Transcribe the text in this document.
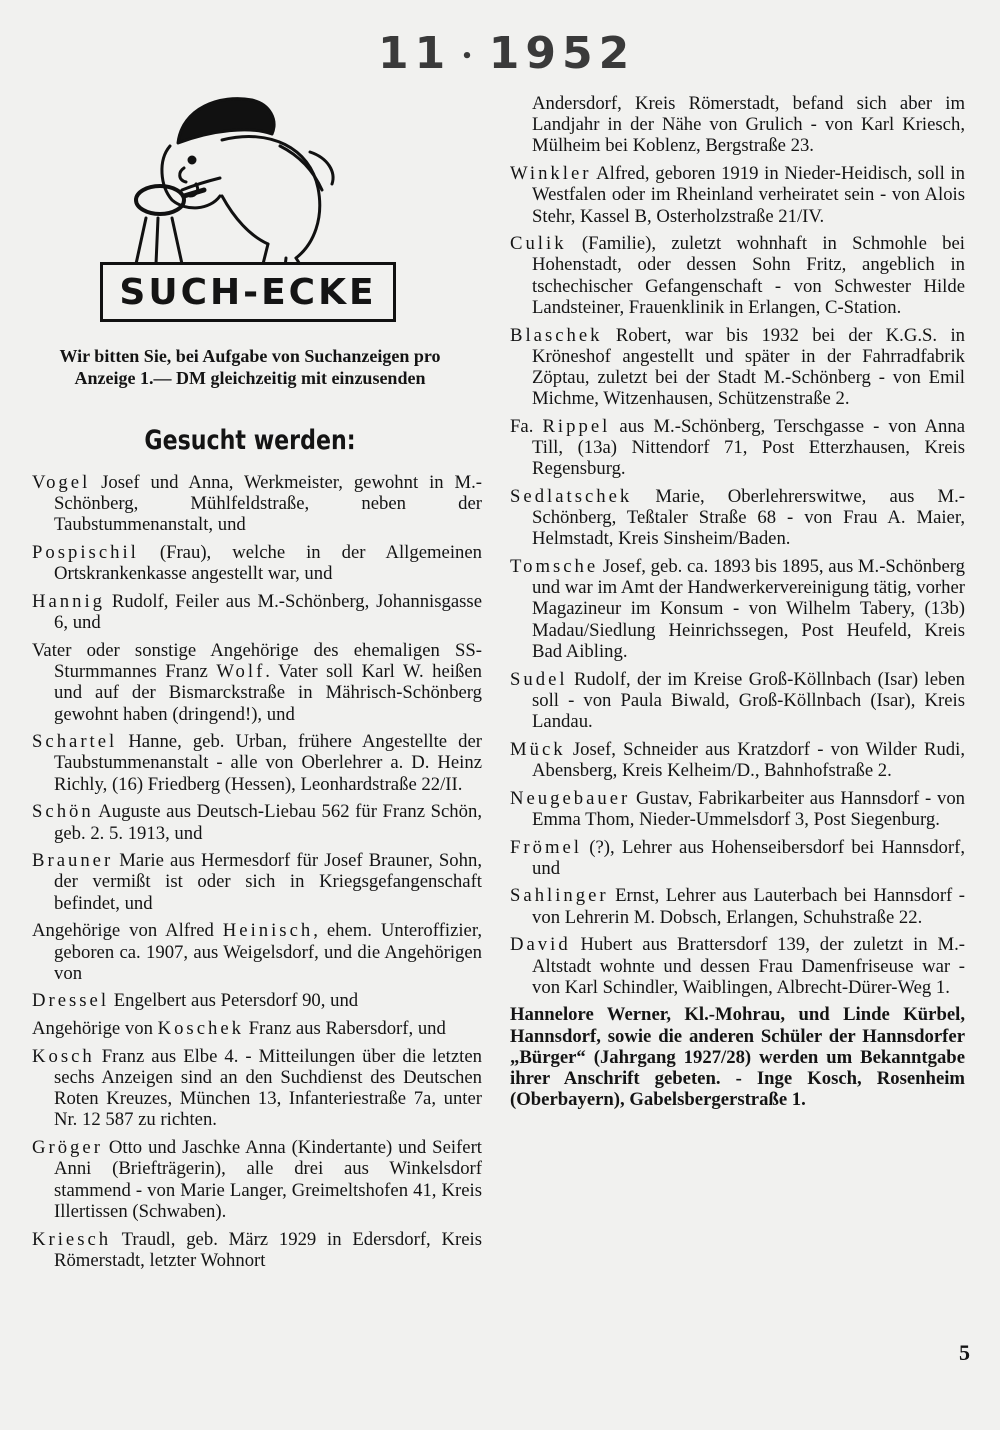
11 • 1952
SUCH-ECKE
Wir bitten Sie, bei Aufgabe von Suchanzeigen pro Anzeige 1.— DM gleichzeitig mit einzusenden
Gesucht werden:

Vogel Josef und Anna, Werkmeister, gewohnt in M.-Schönberg, Mühlfeldstraße, neben der Taubstummenanstalt, und

Pospischil (Frau), welche in der Allgemeinen Ortskrankenkasse angestellt war, und

Hannig Rudolf, Feiler aus M.-Schönberg, Johannisgasse 6, und

Vater oder sonstige Angehörige des ehemaligen SS-Sturmmannes Franz Wolf. Vater soll Karl W. heißen und auf der Bismarckstraße in Mährisch-Schönberg gewohnt haben (dringend!), und

Schartel Hanne, geb. Urban, frühere Angestellte der Taubstummenanstalt - alle von Oberlehrer a. D. Heinz Richly, (16) Friedberg (Hessen), Leonhardstraße 22/II.

Schön Auguste aus Deutsch-Liebau 562 für Franz Schön, geb. 2. 5. 1913, und

Brauner Marie aus Hermesdorf für Josef Brauner, Sohn, der vermißt ist oder sich in Kriegsgefangenschaft befindet, und

Angehörige von Alfred Heinisch, ehem. Unteroffizier, geboren ca. 1907, aus Weigelsdorf, und die Angehörigen von

Dressel Engelbert aus Petersdorf 90, und

Angehörige von Koschek Franz aus Rabersdorf, und

Kosch Franz aus Elbe 4. - Mitteilungen über die letzten sechs Anzeigen sind an den Suchdienst des Deutschen Roten Kreuzes, München 13, Infanteriestraße 7a, unter Nr. 12 587 zu richten.

Gröger Otto und Jaschke Anna (Kindertante) und Seifert Anni (Briefträgerin), alle drei aus Winkelsdorf stammend - von Marie Langer, Greimeltshofen 41, Kreis Illertissen (Schwaben).

Kriesch Traudl, geb. März 1929 in Edersdorf, Kreis Römerstadt, letzter Wohnort

Andersdorf, Kreis Römerstadt, befand sich aber im Landjahr in der Nähe von Grulich - von Karl Kriesch, Mülheim bei Koblenz, Bergstraße 23.

Winkler Alfred, geboren 1919 in Nieder-Heidisch, soll in Westfalen oder im Rheinland verheiratet sein - von Alois Stehr, Kassel B, Osterholzstraße 21/IV.

Culik (Familie), zuletzt wohnhaft in Schmohle bei Hohenstadt, oder dessen Sohn Fritz, angeblich in tschechischer Gefangenschaft - von Schwester Hilde Landsteiner, Frauenklinik in Erlangen, C-Station.

Blaschek Robert, war bis 1932 bei der K.G.S. in Kröneshof angestellt und später in der Fahrradfabrik Zöptau, zuletzt bei der Stadt M.-Schönberg - von Emil Michme, Witzenhausen, Schützenstraße 2.

Fa. Rippel aus M.-Schönberg, Terschgasse - von Anna Till, (13a) Nittendorf 71, Post Etterzhausen, Kreis Regensburg.

Sedlatschek Marie, Oberlehrerswitwe, aus M.-Schönberg, Teßtaler Straße 68 - von Frau A. Maier, Helmstadt, Kreis Sinsheim/Baden.

Tomsche Josef, geb. ca. 1893 bis 1895, aus M.-Schönberg und war im Amt der Handwerkervereinigung tätig, vorher Magazineur im Konsum - von Wilhelm Tabery, (13b) Madau/Siedlung Heinrichssegen, Post Heufeld, Kreis Bad Aibling.

Sudel Rudolf, der im Kreise Groß-Köllnbach (Isar) leben soll - von Paula Biwald, Groß-Köllnbach (Isar), Kreis Landau.

Mück Josef, Schneider aus Kratzdorf - von Wilder Rudi, Abensberg, Kreis Kelheim/D., Bahnhofstraße 2.

Neugebauer Gustav, Fabrikarbeiter aus Hannsdorf - von Emma Thom, Nieder-Ummelsdorf 3, Post Siegenburg.

Frömel (?), Lehrer aus Hohenseibersdorf bei Hannsdorf, und

Sahlinger Ernst, Lehrer aus Lauterbach bei Hannsdorf - von Lehrerin M. Dobsch, Erlangen, Schuhstraße 22.

David Hubert aus Brattersdorf 139, der zuletzt in M.-Altstadt wohnte und dessen Frau Damenfriseuse war - von Karl Schindler, Waiblingen, Albrecht-Dürer-Weg 1.

Hannelore Werner, Kl.-Mohrau, und Linde Kürbel, Hannsdorf, sowie die anderen Schüler der Hannsdorfer „Bürger“ (Jahrgang 1927/28) werden um Bekanntgabe ihrer Anschrift gebeten. - Inge Kosch, Rosenheim (Oberbayern), Gabelsbergerstraße 1.

5
